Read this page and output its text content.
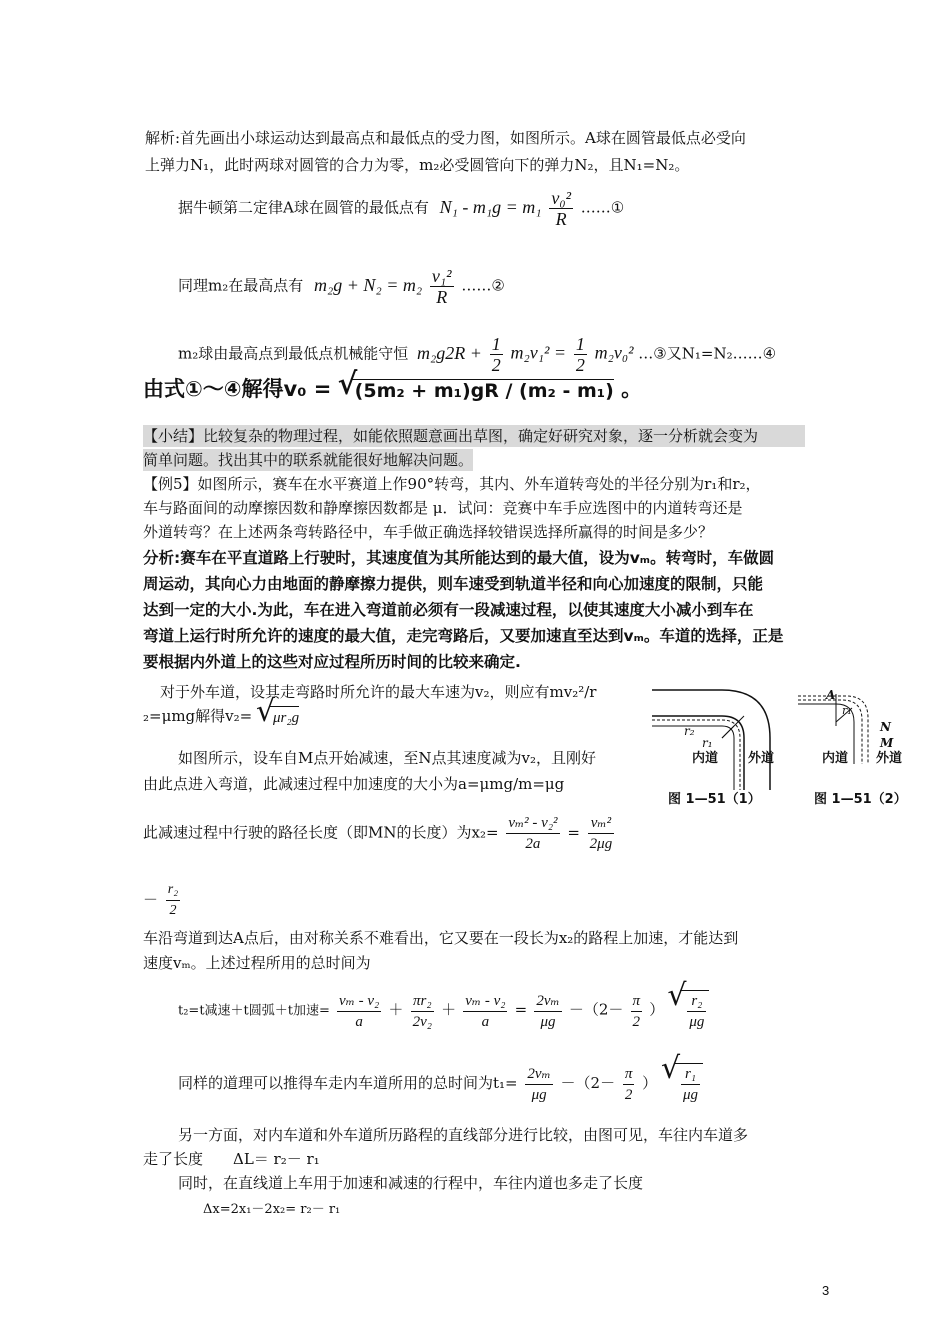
解析:首先画出小球运动达到最高点和最低点的受力图，如图所示。A球在圆管最低点必受向
上弹力N₁，此时两球对圆管的合力为零，m₂必受圆管向下的弹力N₂，且N₁=N₂。
据牛顿第二定律A球在圆管的最低点有 $N_1 - m_1g = m_1 \frac{\text{v₀²}}{R}$ ……①
同理m₂在最高点有 $m_2g + N_2 = m_2 \frac{\text{v₁²}}{R}$ ……②
m₂球由最高点到最低点机械能守恒 $m_2g2R + \frac{1}{2} m_2v_1^2 = \frac{1}{2} m_2v_0^2$ …③又N₁=N₂……④
由式①～④解得v₀ = √ (5m₂ + m₁)gR / (m₂ - m₁) 。
【小结】比较复杂的物理过程，如能依照题意画出草图，确定好研究对象，逐一分析就会变为
简单问题。找出其中的联系就能很好地解决问题。
【例5】如图所示，赛车在水平赛道上作90°转弯，其内、外车道转弯处的半径分别为r₁和r₂，
车与路面间的动摩擦因数和静摩擦因数都是 μ．试问：竞赛中车手应选图中的内道转弯还是
外道转弯？在上述两条弯转路径中，车手做正确选择较错误选择所赢得的时间是多少？
分析:赛车在平直道路上行驶时，其速度值为其所能达到的最大值，设为vₘ。转弯时，车做圆
周运动，其向心力由地面的静摩擦力提供，则车速受到轨道半径和向心加速度的限制，只能
达到一定的大小.为此，车在进入弯道前必须有一段减速过程，以使其速度大小减小到车在
弯道上运行时所允许的速度的最大值，走完弯路后，又要加速直至达到vₘ。车道的选择，正是
要根据内外道上的这些对应过程所历时间的比较来确定.
对于外车道，设其走弯路时所允许的最大车速为v₂，则应有mv₂²/r
₂=μmg解得v₂= √ μr₂g
如图所示，设车自M点开始减速，至N点其速度减为v₂，且刚好
由此点进入弯道，此减速过程中加速度的大小为a=μmg/m=μg
此减速过程中行驶的路径长度（即MN的长度）为$x_2= \frac{\text{vₘ² - v₂²}}{2a} = \frac{\text{vₘ²}}{2\mu g}$
－ $\frac{\text{r₂}}{2}$
车沿弯道到达A点后，由对称关系不难看出，它又要在一段长为x₂的路程上加速，才能达到
速度vₘ。上述过程所用的总时间为
t₂=t减速＋t圆弧＋t加速= $\frac{\text{vₘ - v₂}}{a} + \frac{\text{πr₂}}{\text{2v₂}} + \frac{\text{vₘ - v₂}}{a} = \frac{\text{2vₘ}}{\mu g} -(2- \frac{\pi}{2}$ ） √ $\frac{\text{r₂}}{\mu g}$
同样的道理可以推得车走内车道所用的总时间为$t_1= \frac{\text{2vₘ}}{\mu g} -(2- \frac{\pi}{2}$ ） √ $\frac{\text{r₁}}{\mu g}$
另一方面，对内车道和外车道所历路程的直线部分进行比较，由图可见，车往内车道多
走了长度　　ΔL＝ r₂－ r₁
同时，在直线道上车用于加速和减速的行程中，车往内道也多走了长度
Δx=2x₁－2x₂= r₂－ r₁
r₂
r₁
内道 外道
图 1—51（1）
A
r₁
N
M
内道 外道
图 1—51（2）
3
